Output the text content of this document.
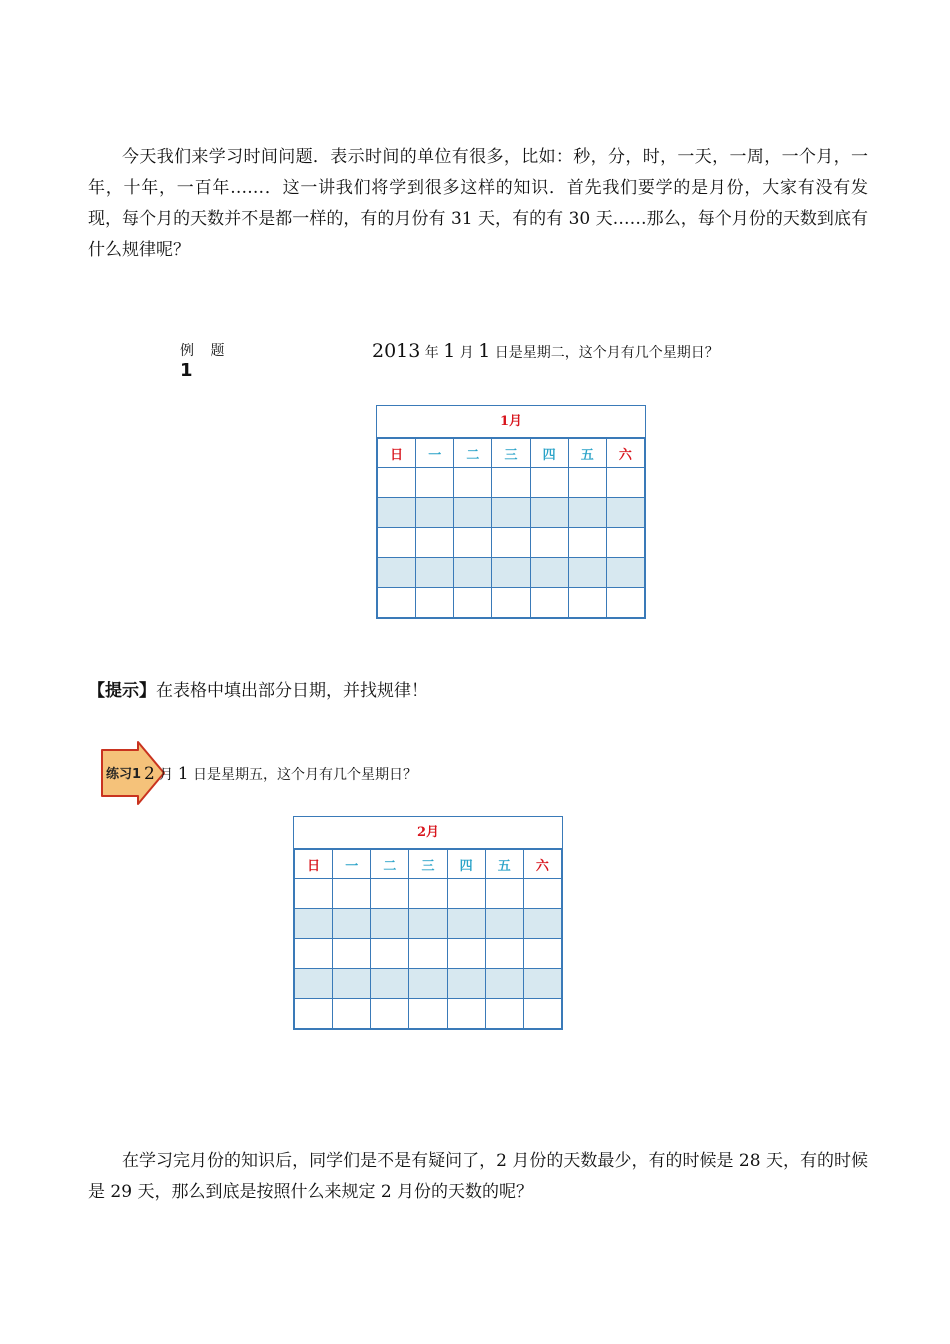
今天我们来学习时间问题．表示时间的单位有很多，比如：秒，分，时，一天，一周，一个月，一年，十年，一百年……．这一讲我们将学到很多这样的知识．首先我们要学的是月份，大家有没有发现，每个月的天数并不是都一样的，有的月份有 31 天，有的有 30 天……那么，每个月份的天数到底有什么规律呢？

例 题
1
2013 年 1 月 1 日是星期二，这个月有几个星期日？
1月
日	一	二	三	四	五	六

【提示】在表格中填出部分日期，并找规律！
练习1 2 月 1 日是星期五，这个月有几个星期日？
2月
日	一	二	三	四	五	六

在学习完月份的知识后，同学们是不是有疑问了，2 月份的天数最少，有的时候是 28 天，有的时候是 29 天，那么到底是按照什么来规定 2 月份的天数的呢？
